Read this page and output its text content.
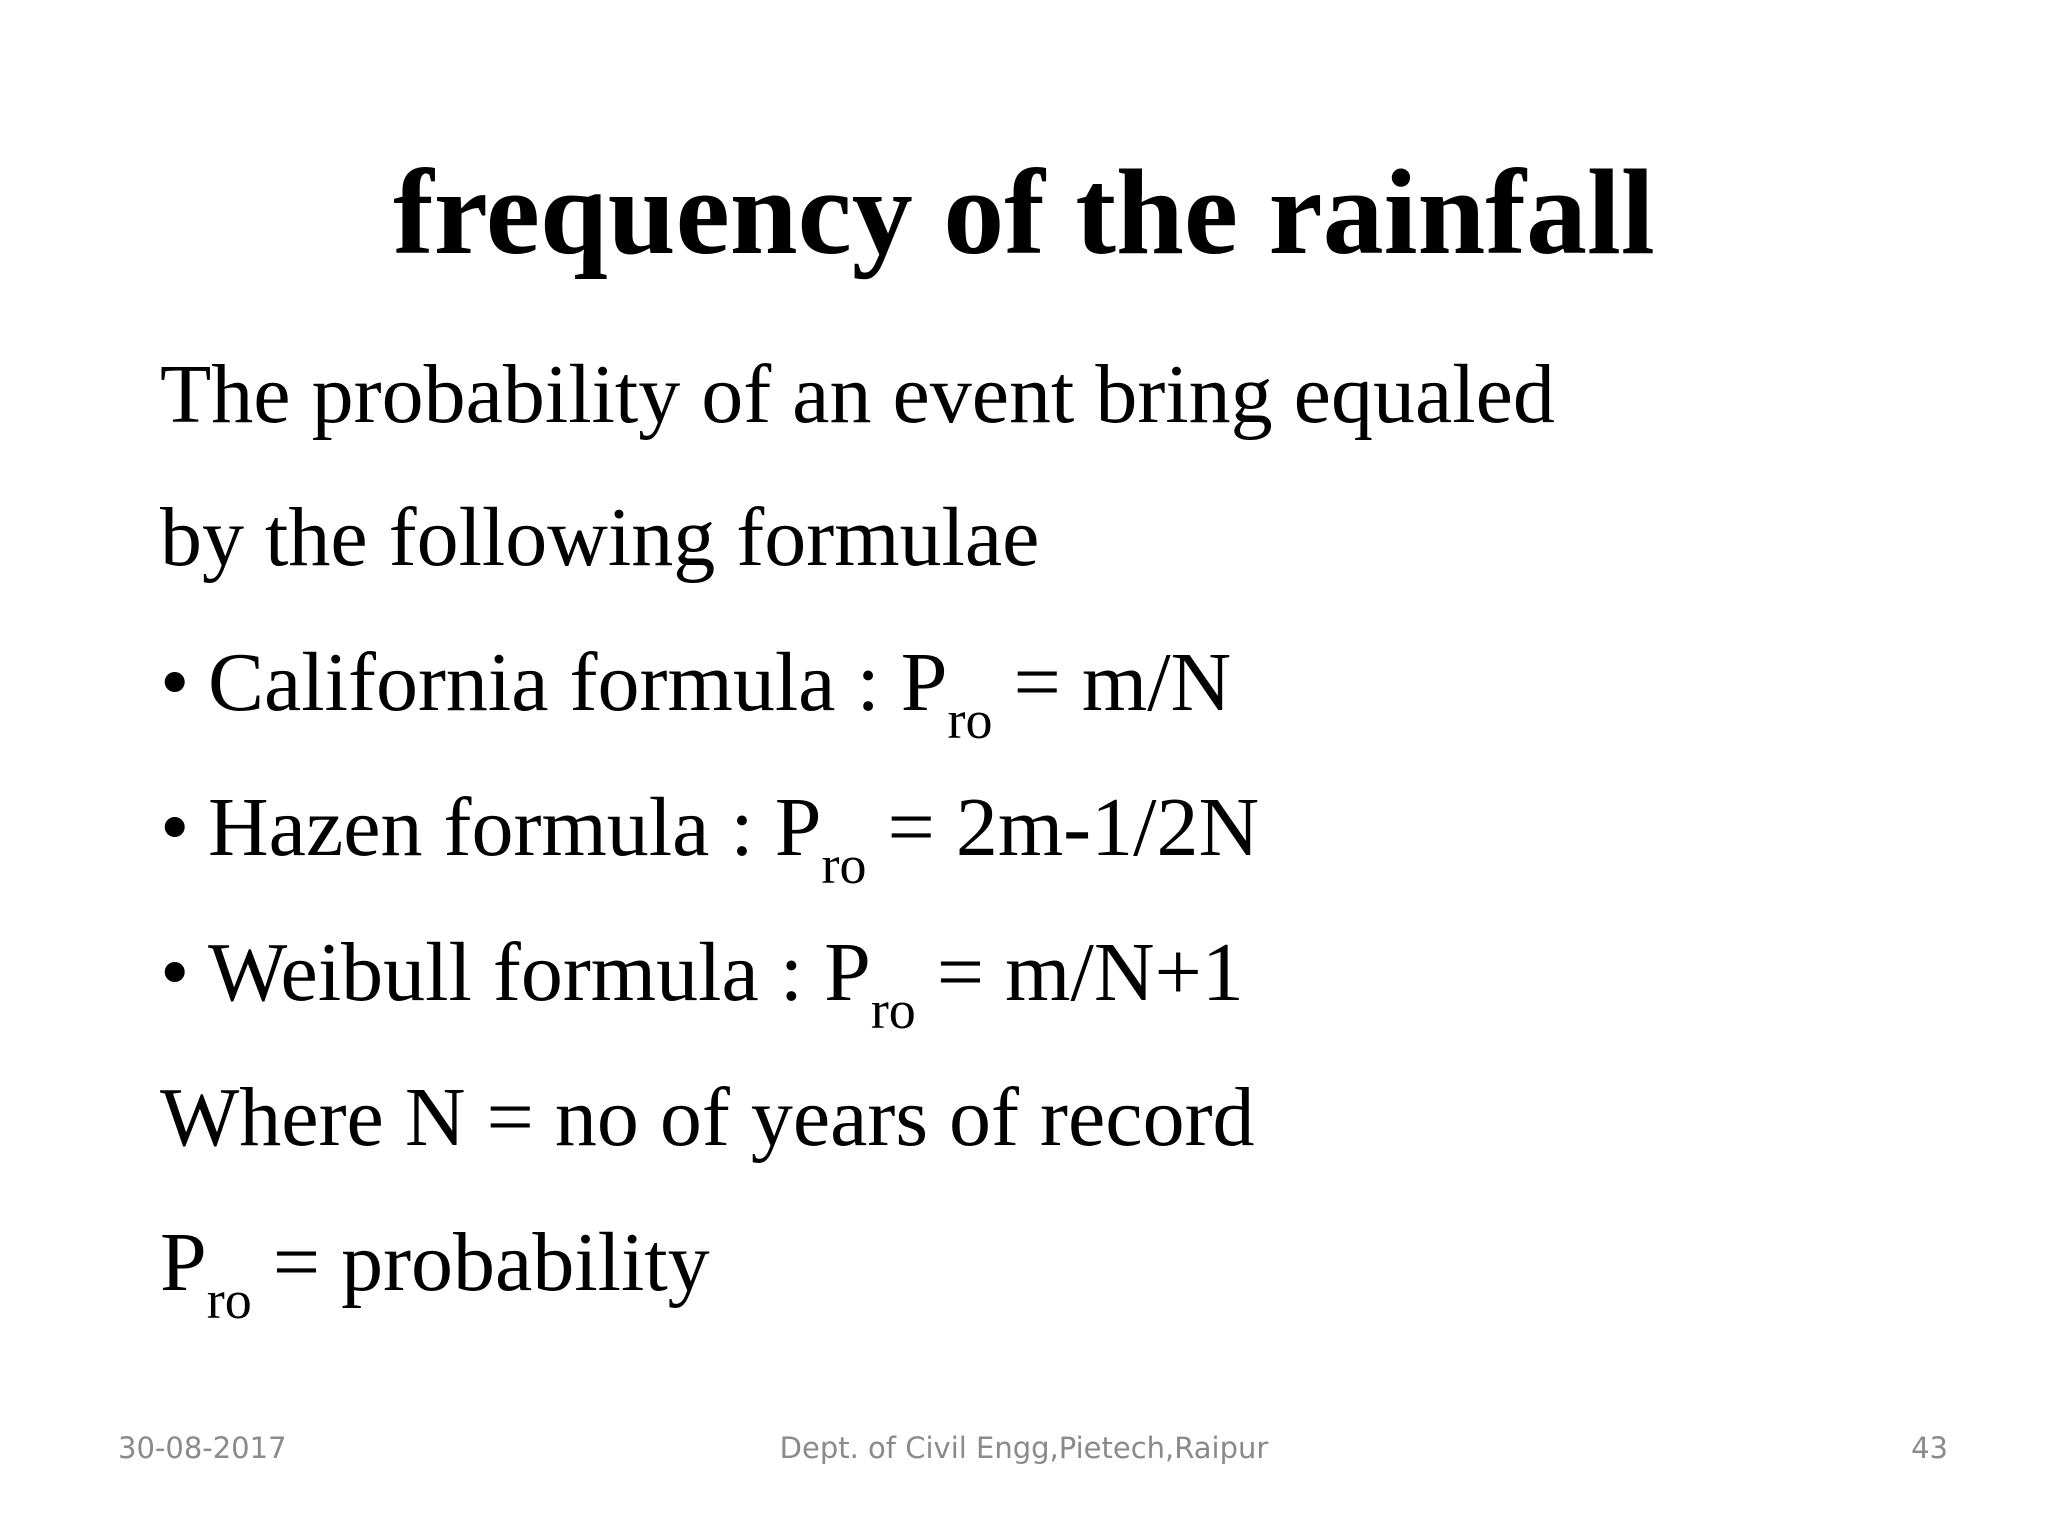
frequency of the rainfall

The probability of an event bring equaled

by the following formulae

• California formula : $P_{ro} = m/N$

• Hazen formula : $P_{ro} = 2m-1/2N$

• Weibull formula : $P_{ro} = m/N+1$

Where N = no of years of record

$P_{ro}$ = probability

30-08-2017	Dept. of Civil Engg,Pietech,Raipur	43
